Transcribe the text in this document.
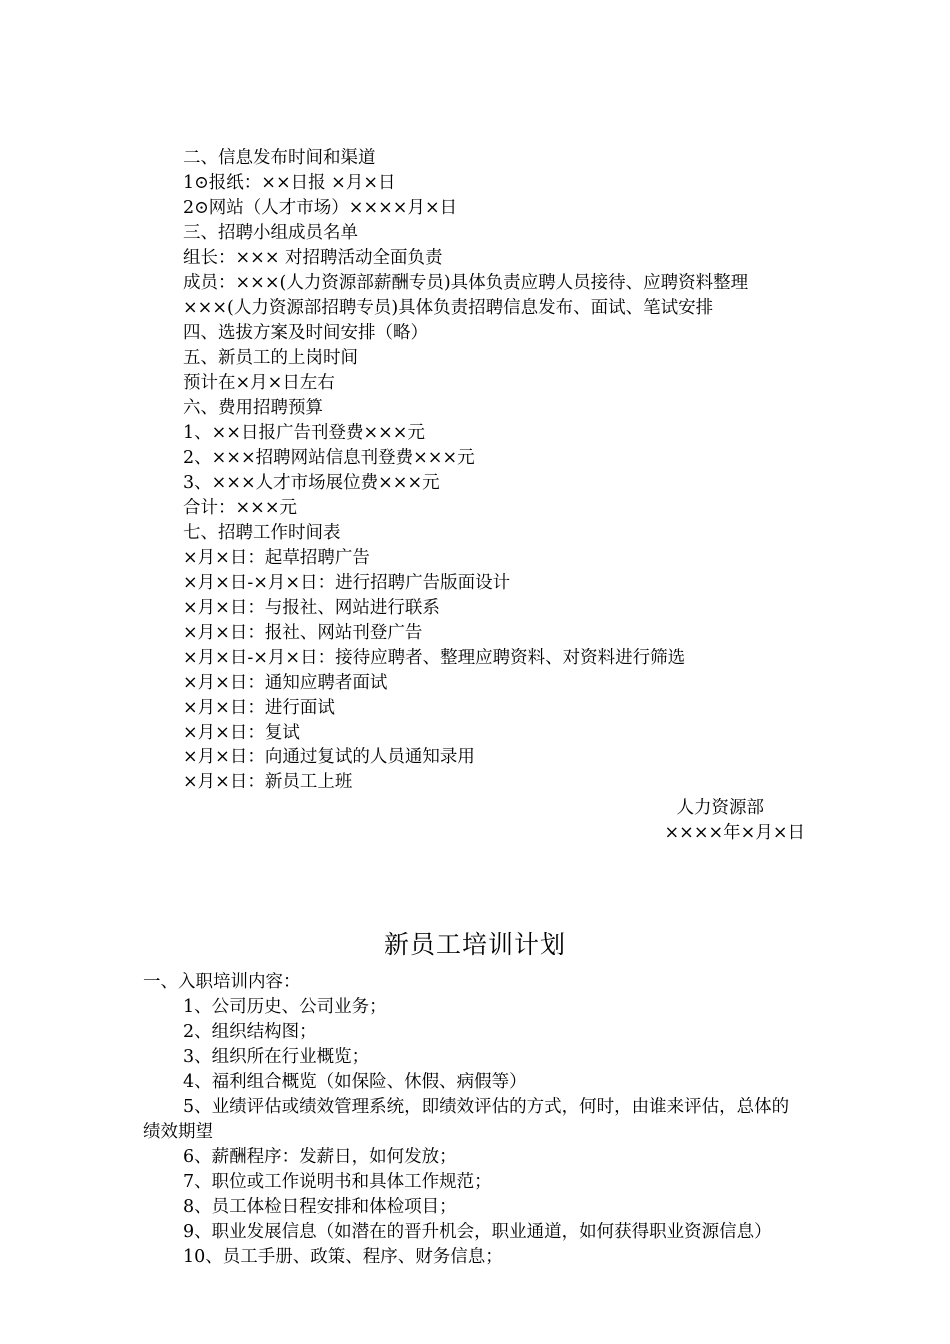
二、信息发布时间和渠道
1⊙报纸：××日报 ×月×日
2⊙网站（人才市场）××××月×日
三、招聘小组成员名单
组长：××× 对招聘活动全面负责
成员：×××(人力资源部薪酬专员)具体负责应聘人员接待、应聘资料整理
×××(人力资源部招聘专员)具体负责招聘信息发布、面试、笔试安排
四、选拔方案及时间安排（略）
五、新员工的上岗时间
预计在×月×日左右
六、费用招聘预算
1、××日报广告刊登费×××元
2、×××招聘网站信息刊登费×××元
3、×××人才市场展位费×××元
合计：×××元
七、招聘工作时间表
×月×日：起草招聘广告
×月×日-×月×日：进行招聘广告版面设计
×月×日：与报社、网站进行联系
×月×日：报社、网站刊登广告
×月×日-×月×日：接待应聘者、整理应聘资料、对资料进行筛选
×月×日：通知应聘者面试
×月×日：进行面试
×月×日：复试
×月×日：向通过复试的人员通知录用
×月×日：新员工上班
人力资源部
××××年×月×日
新员工培训计划
一、入职培训内容：
1、公司历史、公司业务；
2、组织结构图；
3、组织所在行业概览；
4、福利组合概览（如保险、休假、病假等）
5、业绩评估或绩效管理系统，即绩效评估的方式，何时，由谁来评估，总体的
绩效期望
6、薪酬程序：发薪日，如何发放；
7、职位或工作说明书和具体工作规范；
8、员工体检日程安排和体检项目；
9、职业发展信息（如潜在的晋升机会，职业通道，如何获得职业资源信息）
10、员工手册、政策、程序、财务信息；
